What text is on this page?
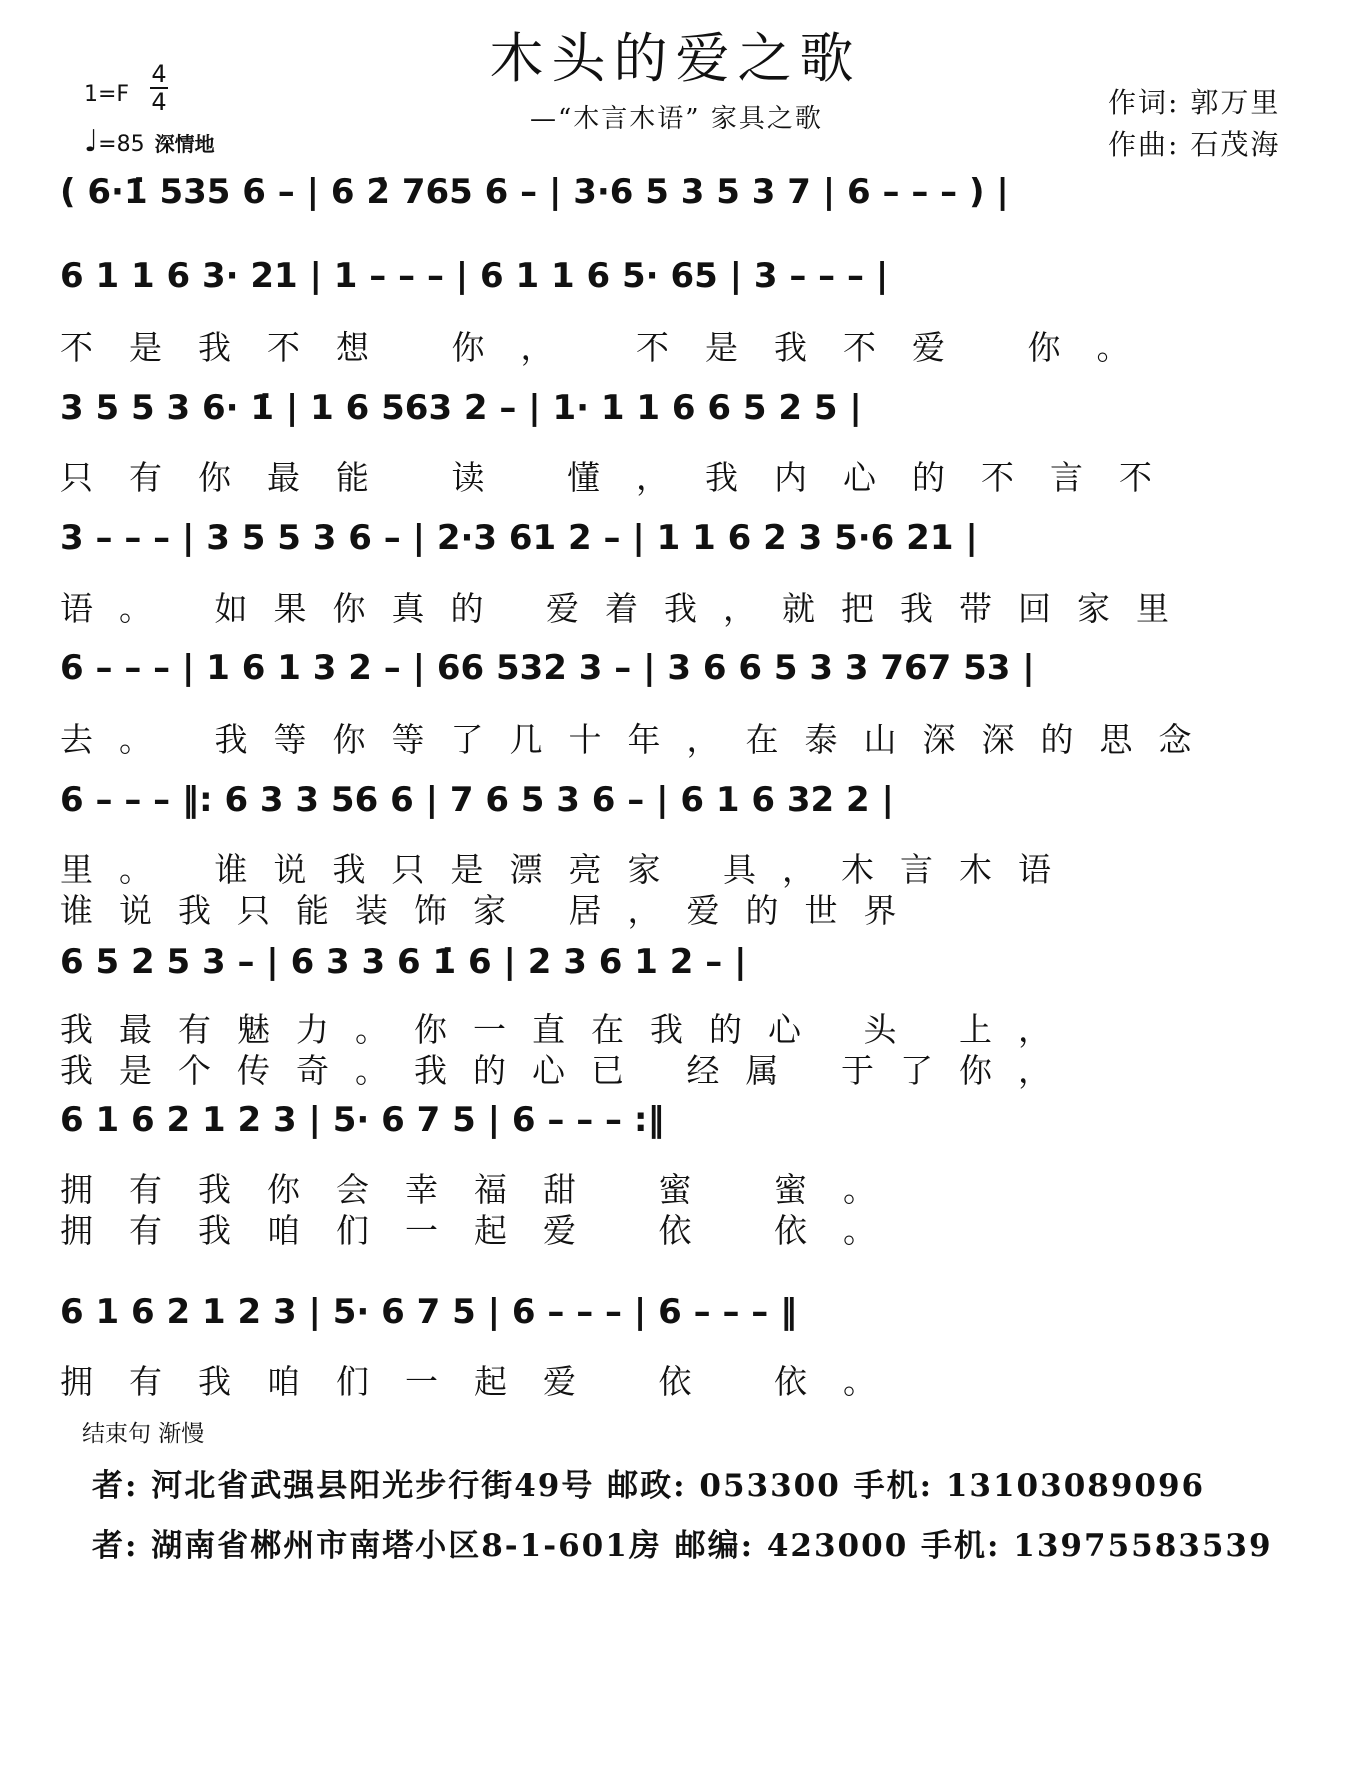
木头的爱之歌
—“木言木语” 家具之歌	作词: 郭万里
作曲: 石茂海
1=F
4
4
♩=85 深情地
( 6·1̇ 535 6 – | 6 2̇ 765 6 – | 3·6 5 3 5 3 7 | 6 – – – ) |
6 1 1 6 3· 21 | 1 – – – | 6 1 1 6 5· 65 | 3 – – – |
不是我不想 你， 不是我不爱 你。
3 5 5 3 6· 1̇ | 1 6 563 2 – | 1· 1 1 6 6 5 2 5 |
只有你最能 读 懂，我内心的不言不
3 – – – | 3 5 5 3 6 – | 2·3 61 2 – | 1 1 6 2 3 5·6 21 |
语。 如果你真的 爱着我，就把我带回家里
6 – – – | 1 6 1 3 2 – | 66 532 3 – | 3 6 6 5 3 3 767 53 |
去。 我等你等了几十年，在泰山深深的思念
6 – – – ‖: 6 3 3 56 6 | 7 6 5 3 6 – | 6 1 6 32 2 |
里。 谁说我只是漂亮家 具，木言木语
谁说我只能装饰家 居，爱的世界
6 5 2 5 3 – | 6 3 3 6 1̇ 6 | 2 3 6 1 2 – |
我最有魅力。你一直在我的心 头 上，
我是个传奇。我的心已 经属 于了你，
6 1 6 2 1 2 3 | 5· 6 7 5 | 6 – – – :‖
拥有我你会幸福甜 蜜 蜜。
拥有我咱们一起爱 依 依。
结束句 渐慢
6 1 6 2 1 2 3 | 5· 6 7 5 | 6 – – – | 6 – – – ‖
拥有我咱们一起爱 依 依。
者: 河北省武强县阳光步行街49号 邮政: 053300 手机: 13103089096
者: 湖南省郴州市南塔小区8-1-601房 邮编: 423000 手机: 13975583539
